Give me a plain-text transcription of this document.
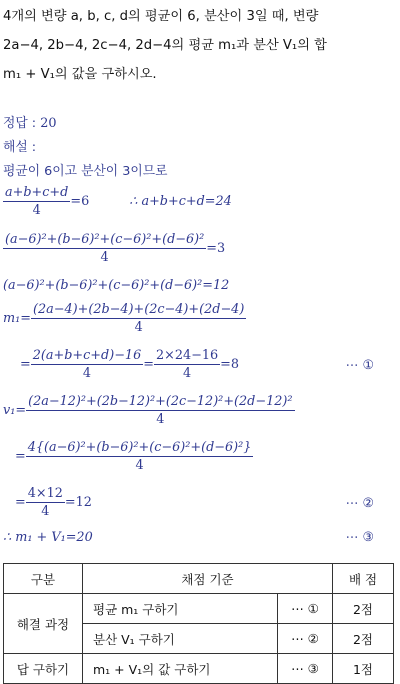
4개의 변량 a, b, c, d의 평균이 6, 분산이 3일 때, 변량
2a−4, 2b−4, 2c−4, 2d−4의 평균 m₁과 분산 V₁의 합
m₁ + V₁의 값을 구하시오.
정답 : 20
해설 :
평균이 6이고 분산이 3이므로
$\frac{a+b+c+d}{4} =6$	∴ a+b+c+d=24
$\frac{\text{(a−6)²+(b−6)²+(c−6)²+(d−6)²}}{4} =3$
(a−6)²+(b−6)²+(c−6)²+(d−6)²=12
$m_1= \frac{(2a-4)+(2b-4)+(2c-4)+(2d-4)}{4}$
= $\frac{2(a+b+c+d)-16}{4} = \frac{2\times 24-16}{4} =8$	⋯ ①
$v_1= \frac{\text{(2a−12)²+(2b−12)²+(2c−12)²+(2d−12)²}}{4}$
= $\frac{\text{4\{(a−6)²+(b−6)²+(c−6)²+(d−6)²\}}}{4}$
= $\frac{4\times 12}{4} =12$	⋯ ②
∴ m₁ + V₁=20	⋯ ③
구분	채점 기준		배 점
해결 과정	평균 m₁ 구하기	⋯ ①	2점
	분산 V₁ 구하기	⋯ ②	2점
답 구하기	m₁ + V₁의 값 구하기	⋯ ③	1점
